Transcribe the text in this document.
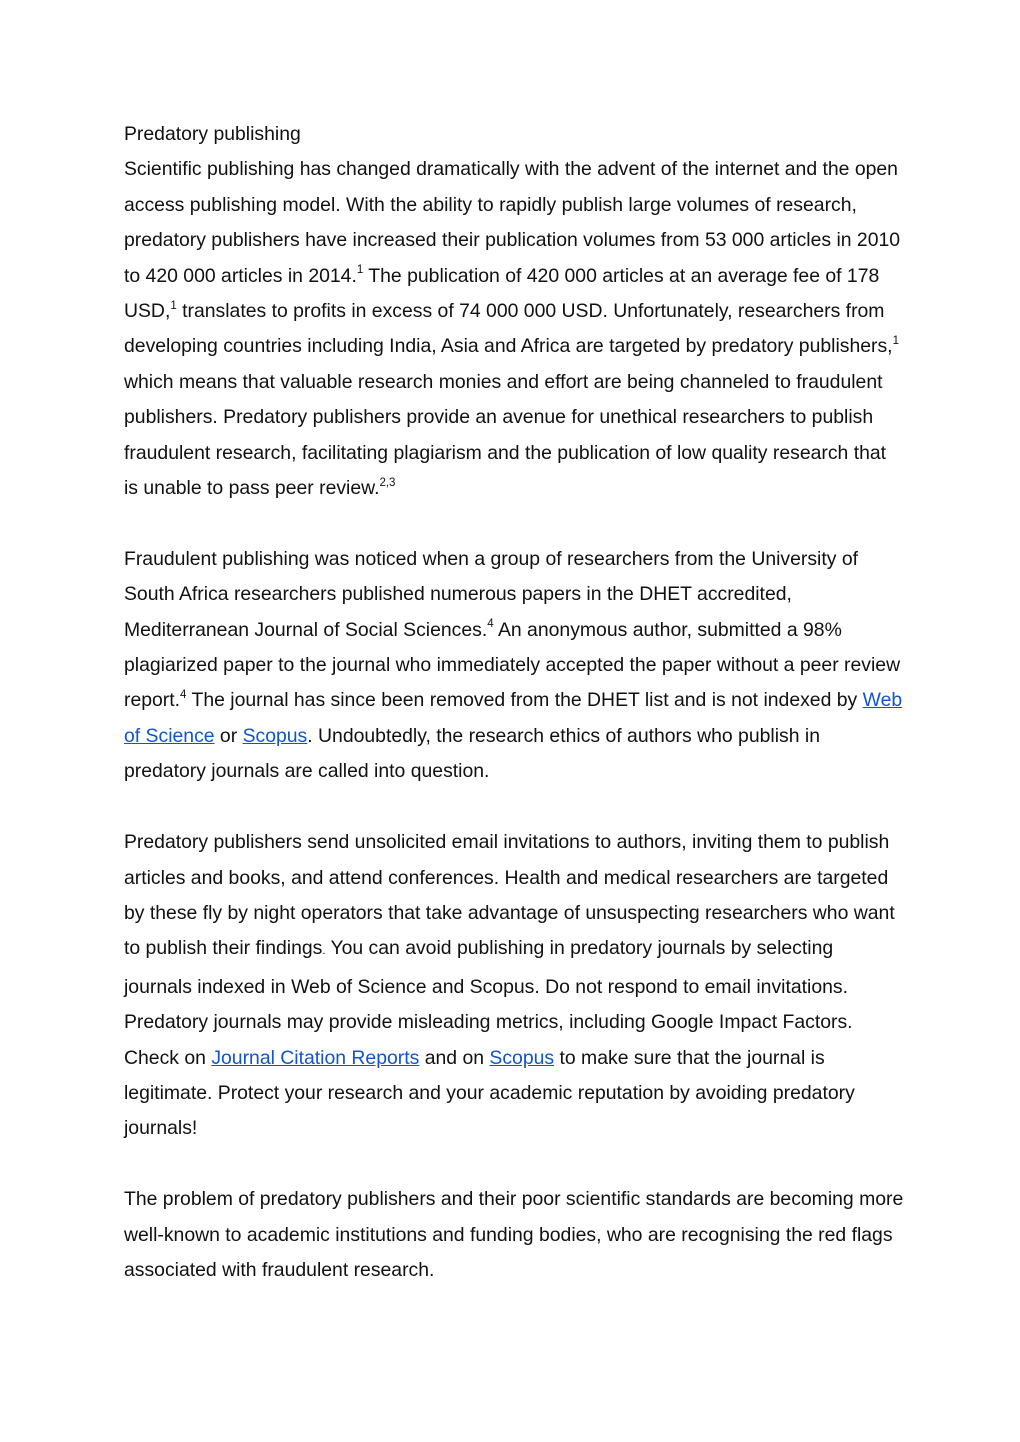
Predatory publishing

Scientific publishing has changed dramatically with the advent of the internet and the open access publishing model. With the ability to rapidly publish large volumes of research, predatory publishers have increased their publication volumes from 53 000 articles in 2010 to 420 000 articles in 2014.$^1$ The publication of 420 000 articles at an average fee of 178 USD,$^1$ translates to profits in excess of 74 000 000 USD. Unfortunately, researchers from developing countries including India, Asia and Africa are targeted by predatory publishers,$^1$ which means that valuable research monies and effort are being channeled to fraudulent publishers. Predatory publishers provide an avenue for unethical researchers to publish fraudulent research, facilitating plagiarism and the publication of low quality research that is unable to pass peer review.$^{2,3}$

Fraudulent publishing was noticed when a group of researchers from the University of South Africa researchers published numerous papers in the DHET accredited, Mediterranean Journal of Social Sciences.$^4$ An anonymous author, submitted a 98% plagiarized paper to the journal who immediately accepted the paper without a peer review report.$^4$ The journal has since been removed from the DHET list and is not indexed by Web of Science or Scopus. Undoubtedly, the research ethics of authors who publish in predatory journals are called into question.

Predatory publishers send unsolicited email invitations to authors, inviting them to publish articles and books, and attend conferences. Health and medical researchers are targeted by these fly by night operators that take advantage of unsuspecting researchers who want to publish their findings. You can avoid publishing in predatory journals by selecting journals indexed in Web of Science and Scopus. Do not respond to email invitations. Predatory journals may provide misleading metrics, including Google Impact Factors. Check on Journal Citation Reports and on Scopus to make sure that the journal is legitimate. Protect your research and your academic reputation by avoiding predatory journals!

The problem of predatory publishers and their poor scientific standards are becoming more well-known to academic institutions and funding bodies, who are recognising the red flags associated with fraudulent research.
